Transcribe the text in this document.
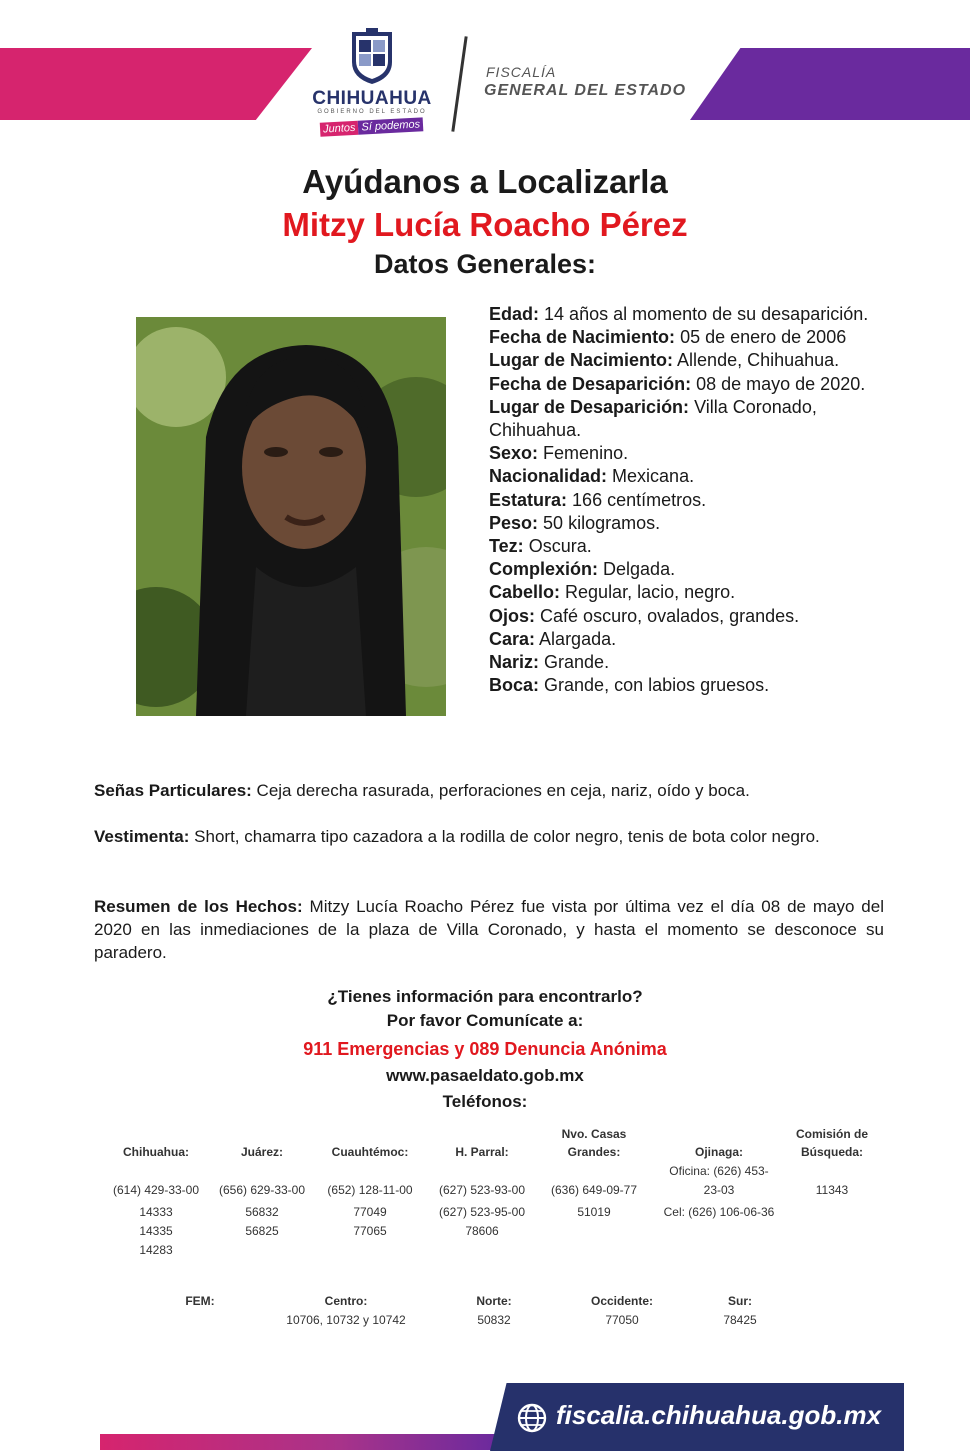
CHIHUAHUA
GOBIERNO DEL ESTADO
Juntos Sí podemos
FISCALÍA
GENERAL DEL ESTADO
Ayúdanos a Localizarla
Mitzy Lucía Roacho Pérez
Datos Generales:
Edad: 14 años al momento de su desaparición.
Fecha de Nacimiento: 05 de enero de 2006
Lugar de Nacimiento: Allende, Chihuahua.
Fecha de Desaparición: 08 de mayo de 2020.
Lugar de Desaparición: Villa Coronado, Chihuahua.
Sexo: Femenino.
Nacionalidad: Mexicana.
Estatura: 166 centímetros.
Peso: 50 kilogramos.
Tez: Oscura.
Complexión: Delgada.
Cabello: Regular, lacio, negro.
Ojos: Café oscuro, ovalados, grandes.
Cara: Alargada.
Nariz: Grande.
Boca: Grande, con labios gruesos.
Señas Particulares: Ceja derecha rasurada, perforaciones en ceja, nariz, oído y boca.
Vestimenta: Short, chamarra tipo cazadora a la rodilla de color negro, tenis de bota color negro.
Resumen de los Hechos: Mitzy Lucía Roacho Pérez fue vista por última vez el día 08 de mayo del 2020 en las inmediaciones de la plaza de Villa Coronado, y hasta el momento se desconoce su paradero.
¿Tienes información para encontrarlo?
Por favor Comunícate a:
911 Emergencias y 089 Denuncia Anónima
www.pasaeldato.gob.mx
Teléfonos:
Chihuahua:
(614) 429-33-00
14333
14335
14283
Juárez:
(656) 629-33-00
56832
56825
Cuauhtémoc:
(652) 128-11-00
77049
77065
H. Parral:
(627) 523-93-00
(627) 523-95-00
78606
Nvo. Casas
Grandes:
(636) 649-09-77
51019
Ojinaga:
Oficina: (626) 453-
23-03
Cel: (626) 106-06-36
Comisión de
Búsqueda:
11343
FEM:	Centro:
10706, 10732 y 10742
Norte:
50832
Occidente:
77050
Sur:
78425
fiscalia.chihuahua.gob.mx
